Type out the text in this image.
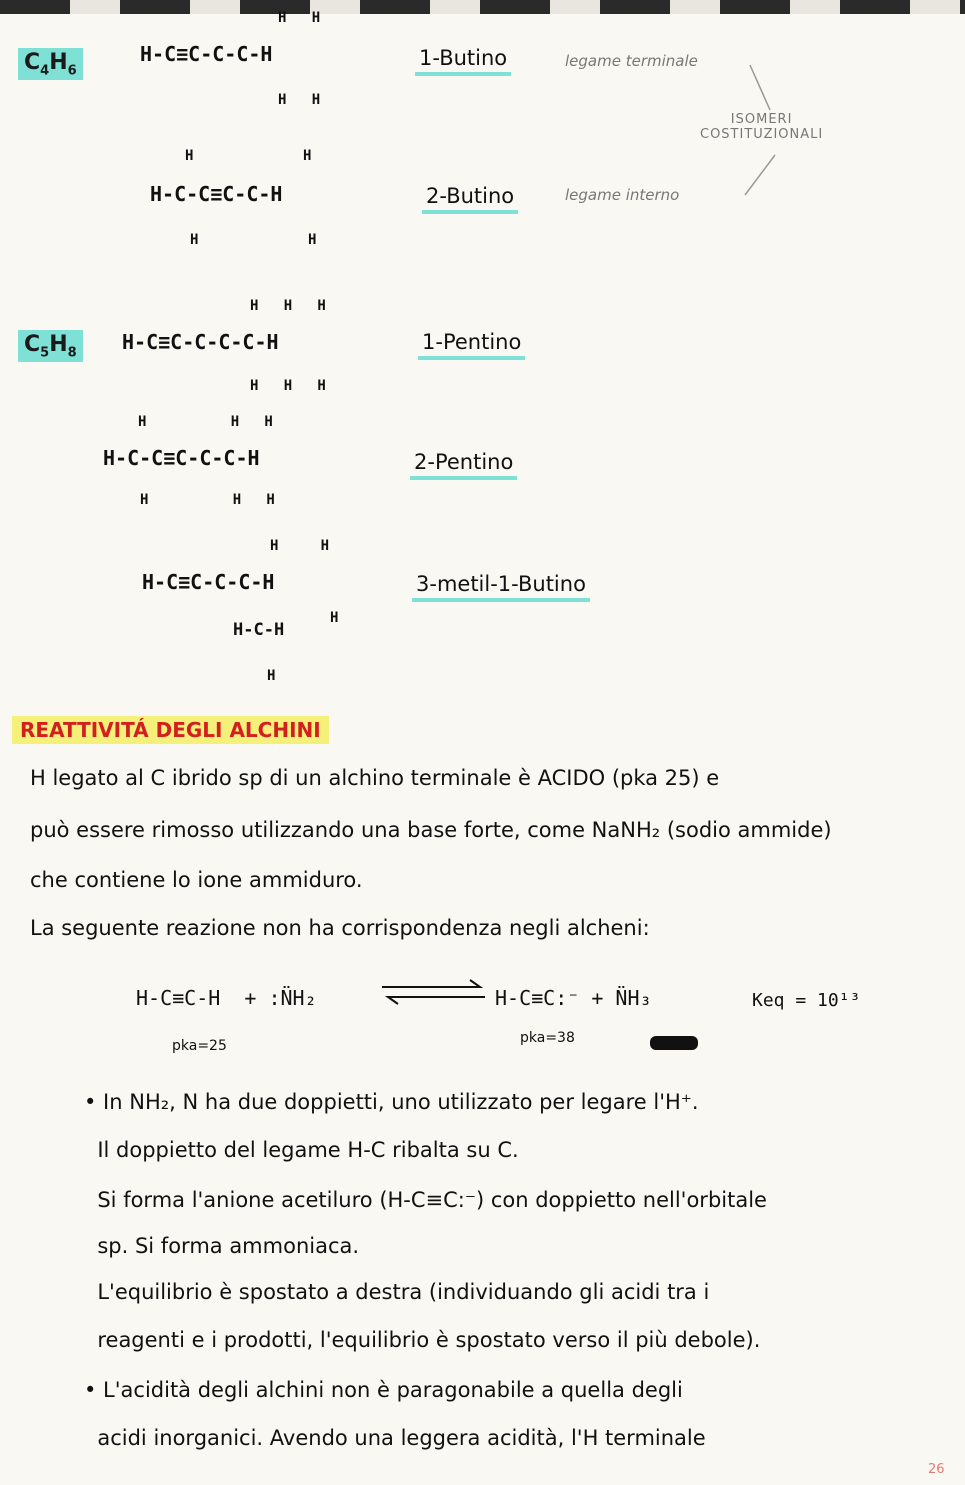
$C_4H_6$
H   H
H-C≡C-C-C-H
H   H
1-Butino	legame terminale
ISOMERI
COSTITUZIONALI
H             H
H-C-C≡C-C-H
H             H
2-Butino	legame interno
$C_5H_8$
H   H   H
H-C≡C-C-C-C-H
H   H   H
1-Pentino
H          H   H
H-C-C≡C-C-C-H
H          H   H
2-Pentino
H     H
H-C≡C-C-C-H
H
H-C-H
H
3-metil-1-Butino
REATTIVITÁ DEGLI ALCHINI
H legato al C ibrido sp di un alchino terminale è ACIDO (pka 25) e
può essere rimosso utilizzando una base forte, come NaNH₂ (sodio ammide)
che contiene lo ione ammiduro.
La seguente reazione non ha corrispondenza negli alcheni:
H-C≡C-H  + :N̈H₂	H-C≡C:⁻ + N̈H₃	Keq = 10¹³
pka=25	pka=38
• In NH₂, N ha due doppietti, uno utilizzato per legare l'H⁺.
Il doppietto del legame H-C ribalta su C.
Si forma l'anione acetiluro (H-C≡C:⁻) con doppietto nell'orbitale
sp. Si forma ammoniaca.
L'equilibrio è spostato a destra (individuando gli acidi tra i
reagenti e i prodotti, l'equilibrio è spostato verso il più debole).
• L'acidità degli alchini non è paragonabile a quella degli
acidi inorganici. Avendo una leggera acidità, l'H terminale
26
